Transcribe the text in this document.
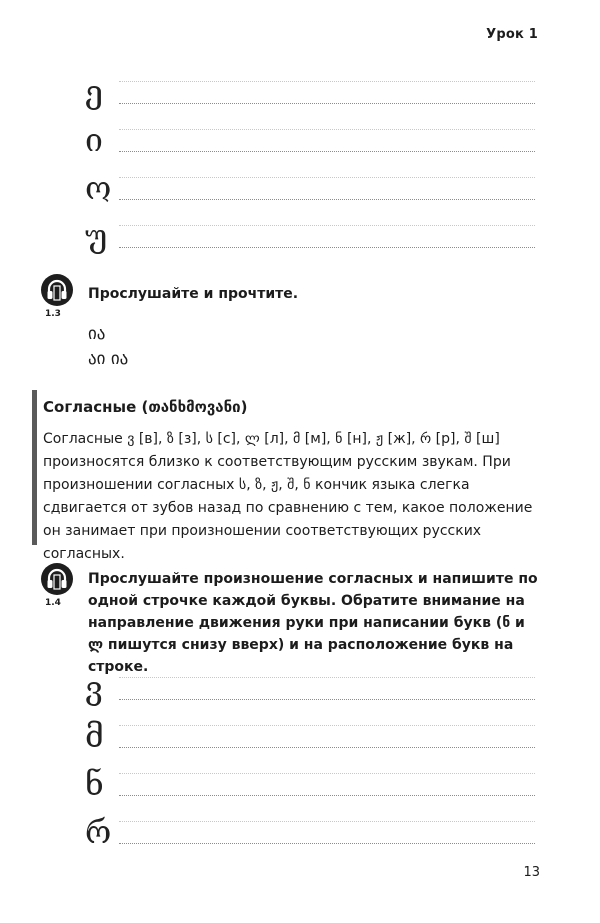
Урок 1
ე
ი
ო
უ
1.3
Прослушайте и прочтите.
ია
აი ია
Согласные (თანხმოვანი)
Согласные ვ [в], ზ [з], ს [с], ლ [л], მ [м], ნ [н], ჟ [ж], რ [р], შ [ш] произносятся близко к соответствующим русским звукам. При произношении согласных ს, ზ, ჟ, შ, ნ кончик языка слегка сдвигается от зубов назад по сравнению с тем, какое положение он занимает при произношении соответствующих русских согласных.
1.4
Прослушайте произношение согласных и напишите по одной строчке каждой буквы. Обратите внимание на направление движения руки при написании букв (ნ и ლ пишутся снизу вверх) и на расположение букв на строке.
ვ
მ
ნ
რ
13
